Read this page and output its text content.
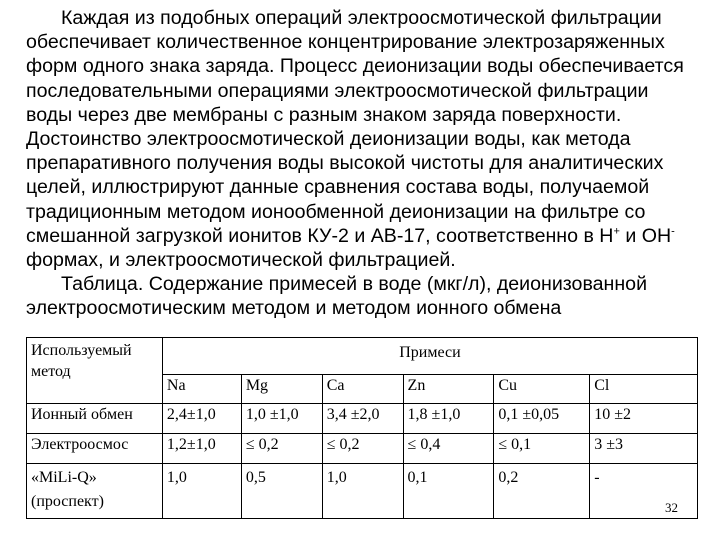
Каждая из подобных операций электроосмотической фильтрации
обеспечивает количественное концентрирование электрозаряженных
форм одного знака заряда. Процесс деионизации воды обеспечивается
последовательными операциями электроосмотической фильтрации
воды через две мембраны с разным знаком заряда поверхности.
Достоинство электроосмотической деионизации воды, как метода
препаративного получения воды высокой чистоты для аналитических
целей, иллюстрируют данные сравнения состава воды, получаемой
традиционным методом ионообменной деионизации на фильтре со
смешанной загрузкой ионитов КУ-2 и АВ-17, соответственно в Н+ и ОН-
формах, и электроосмотической фильтрацией.
Таблица. Содержание примесей в воде (мкг/л), деионизованной
электроосмотическим методом и методом ионного обмена
Используемый
метод	Примеси					
	Na	Mg	Ca	Zn	Cu	Cl
Ионный обмен	2,4±1,0	1,0 ±1,0	3,4 ±2,0	1,8 ±1,0	0,1 ±0,05	10 ±2
Электроосмос	1,2±1,0	≤ 0,2	≤ 0,2	≤ 0,4	≤ 0,1	3 ±3
«MiLi-Q»
(проспект)	1,0	0,5	1,0	0,1	0,2	-
32
